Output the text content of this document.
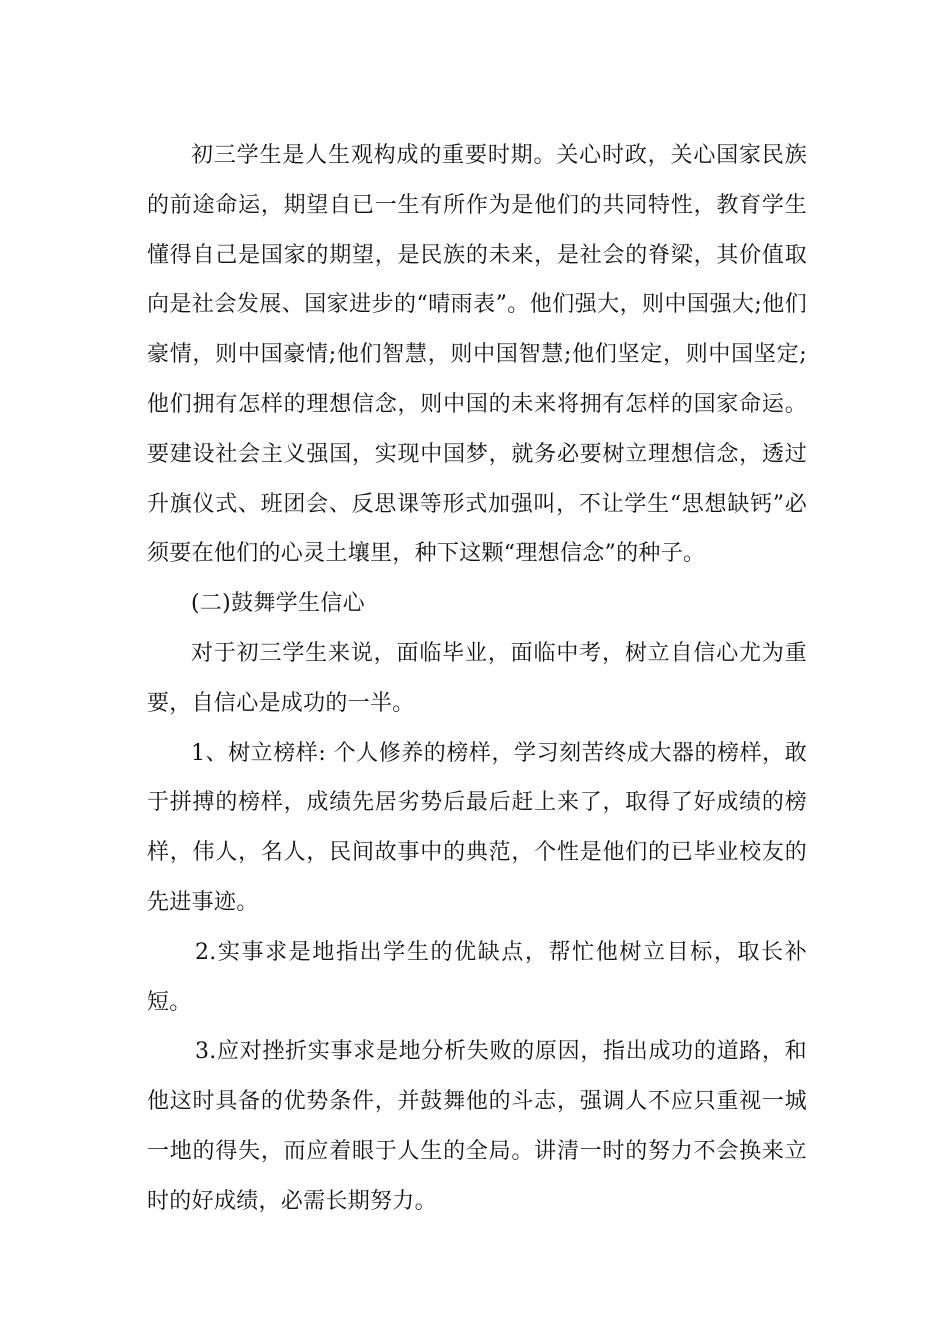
初三学生是人生观构成的重要时期。关心时政，关心国家民族的前途命运，期望自已一生有所作为是他们的共同特性，教育学生懂得自己是国家的期望，是民族的未来，是社会的脊梁，其价值取向是社会发展、国家进步的“晴雨表”。他们强大，则中国强大;他们豪情，则中国豪情;他们智慧，则中国智慧;他们坚定，则中国坚定;他们拥有怎样的理想信念，则中国的未来将拥有怎样的国家命运。要建设社会主义强国，实现中国梦，就务必要树立理想信念，透过升旗仪式、班团会、反思课等形式加强叫，不让学生“思想缺钙”必须要在他们的心灵土壤里，种下这颗“理想信念”的种子。

(二)鼓舞学生信心

对于初三学生来说，面临毕业，面临中考，树立自信心尤为重要，自信心是成功的一半。

1、树立榜样: 个人修养的榜样，学习刻苦终成大器的榜样，敢于拼搏的榜样，成绩先居劣势后最后赶上来了，取得了好成绩的榜样，伟人，名人，民间故事中的典范，个性是他们的已毕业校友的先进事迹。

2.实事求是地指出学生的优缺点，帮忙他树立目标，取长补短。

3.应对挫折实事求是地分析失败的原因，指出成功的道路，和他这时具备的优势条件，并鼓舞他的斗志，强调人不应只重视一城一地的得失，而应着眼于人生的全局。讲清一时的努力不会换来立时的好成绩，必需长期努力。
